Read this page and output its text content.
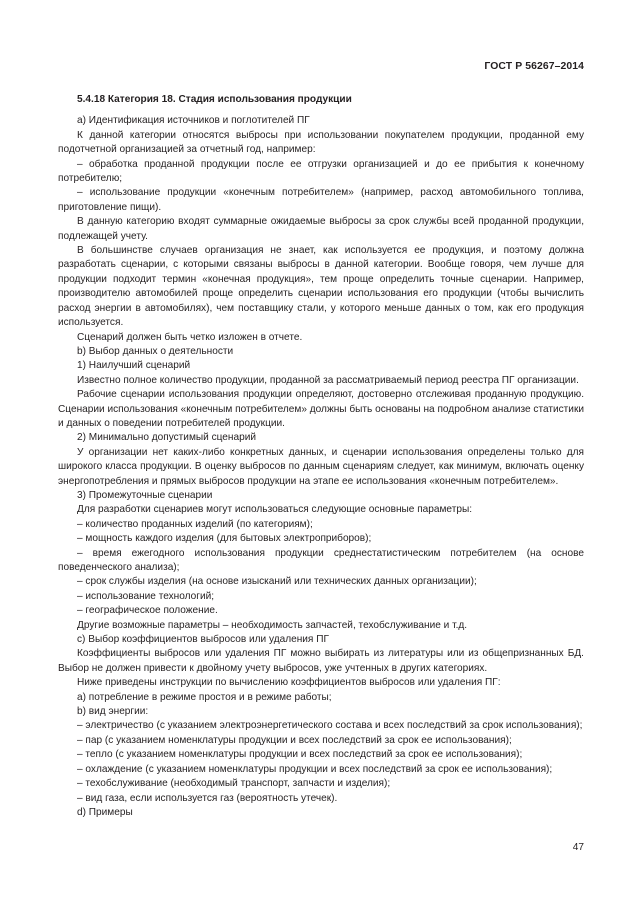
ГОСТ Р 56267–2014

5.4.18 Категория 18. Стадия использования продукции

а) Идентификация источников и поглотителей ПГ

К данной категории относятся выбросы при использовании покупателем продукции, проданной ему подотчетной организацией за отчетный год, например:

– обработка проданной продукции после ее отгрузки организацией и до ее прибытия к конечному потребителю;

– использование продукции «конечным потребителем» (например, расход автомобильного топлива, приготовление пищи).

В данную категорию входят суммарные ожидаемые выбросы за срок службы всей проданной продукции, подлежащей учету.

В большинстве случаев организация не знает, как используется ее продукция, и поэтому должна разработать сценарии, с которыми связаны выбросы в данной категории. Вообще говоря, чем лучше для продукции подходит термин «конечная продукция», тем проще определить точные сценарии. Например, производителю автомобилей проще определить сценарии использования его продукции (чтобы вычислить расход энергии в автомобилях), чем поставщику стали, у которого меньше данных о том, как его продукция используется.

Сценарий должен быть четко изложен в отчете.

b) Выбор данных о деятельности

1) Наилучший сценарий

Известно полное количество продукции, проданной за рассматриваемый период реестра ПГ организации.

Рабочие сценарии использования продукции определяют, достоверно отслеживая проданную продукцию. Сценарии использования «конечным потребителем» должны быть основаны на подробном анализе статистики и данных о поведении потребителей продукции.

2) Минимально допустимый сценарий

У организации нет каких-либо конкретных данных, и сценарии использования определены только для широкого класса продукции. В оценку выбросов по данным сценариям следует, как минимум, включать оценку энергопотребления и прямых выбросов продукции на этапе ее использования «конечным потребителем».

3) Промежуточные сценарии

Для разработки сценариев могут использоваться следующие основные параметры:

– количество проданных изделий (по категориям);

– мощность каждого изделия (для бытовых электроприборов);

– время ежегодного использования продукции среднестатистическим потребителем (на основе поведенческого анализа);

– срок службы изделия (на основе изысканий или технических данных организации);

– использование технологий;

– географическое положение.

Другие возможные параметры – необходимость запчастей, техобслуживание и т.д.

с) Выбор коэффициентов выбросов или удаления ПГ

Коэффициенты выбросов или удаления ПГ можно выбирать из литературы или из общепризнанных БД. Выбор не должен привести к двойному учету выбросов, уже учтенных в других категориях.

Ниже приведены инструкции по вычислению коэффициентов выбросов или удаления ПГ:

а) потребление в режиме простоя и в режиме работы;

b) вид энергии:

– электричество (с указанием электроэнергетического состава и всех последствий за срок использования);

– пар (с указанием номенклатуры продукции и всех последствий за срок ее использования);

– тепло (с указанием номенклатуры продукции и всех последствий за срок ее использования);

– охлаждение (с указанием номенклатуры продукции и всех последствий за срок ее использования);

– техобслуживание (необходимый транспорт, запчасти и изделия);

– вид газа, если используется газ (вероятность утечек).

d) Примеры

47
